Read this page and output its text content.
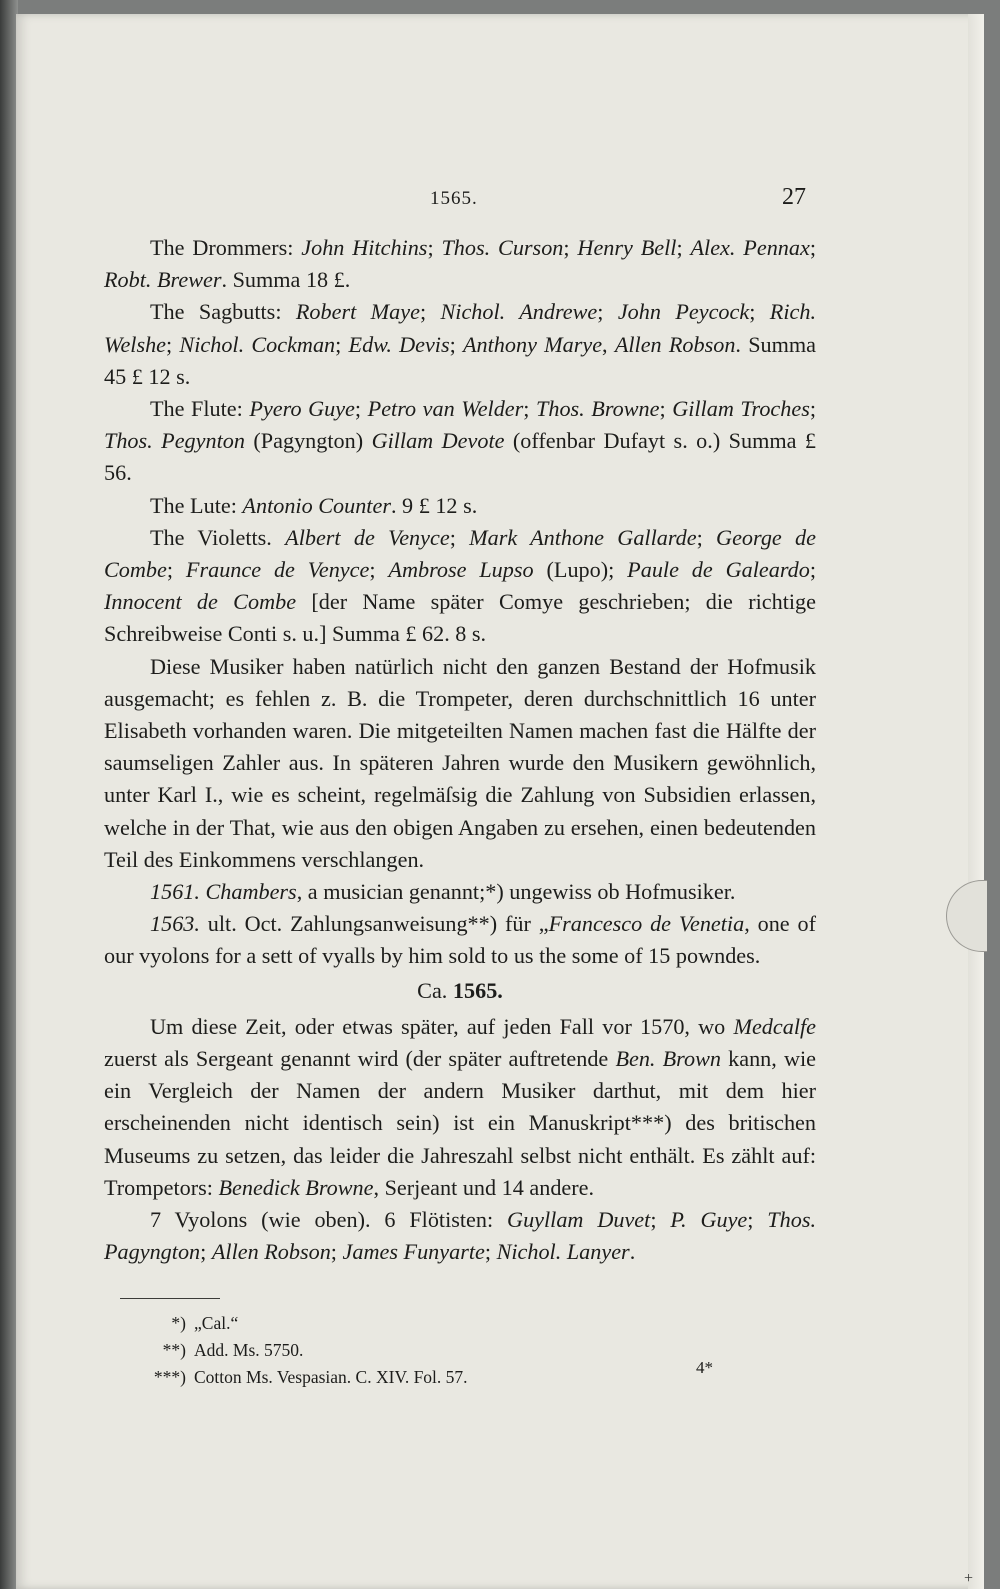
1565.	27

The Drommers: John Hitchins; Thos. Curson; Henry Bell; Alex. Pennax; Robt. Brewer. Summa 18 £.

The Sagbutts: Robert Maye; Nichol. Andrewe; John Peycock; Rich. Welshe; Nichol. Cockman; Edw. Devis; Anthony Marye, Allen Robson. Summa 45 £ 12 s.

The Flute: Pyero Guye; Petro van Welder; Thos. Browne; Gillam Troches; Thos. Pegynton (Pagyngton) Gillam Devote (offenbar Dufayt s. o.) Summa £ 56.

The Lute: Antonio Counter. 9 £ 12 s.

The Violetts. Albert de Venyce; Mark Anthone Gallarde; George de Combe; Fraunce de Venyce; Ambrose Lupso (Lupo); Paule de Galeardo; Innocent de Combe [der Name später Comye geschrieben; die richtige Schreibweise Conti s. u.] Summa £ 62. 8 s.

Diese Musiker haben natürlich nicht den ganzen Bestand der Hofmusik ausgemacht; es fehlen z. B. die Trompeter, deren durchschnittlich 16 unter Elisabeth vorhanden waren. Die mitgeteilten Namen machen fast die Hälfte der saumseligen Zahler aus. In späteren Jahren wurde den Musikern gewöhnlich, unter Karl I., wie es scheint, regelmäſsig die Zahlung von Subsidien erlassen, welche in der That, wie aus den obigen Angaben zu ersehen, einen bedeutenden Teil des Einkommens verschlangen.

1561. Chambers, a musician genannt;*) ungewiss ob Hofmusiker.

1563. ult. Oct. Zahlungsanweisung**) für „Francesco de Venetia, one of our vyolons for a sett of vyalls by him sold to us the some of 15 powndes.

Ca. 1565.

Um diese Zeit, oder etwas später, auf jeden Fall vor 1570, wo Medcalfe zuerst als Sergeant genannt wird (der später auftretende Ben. Brown kann, wie ein Vergleich der Namen der andern Musiker darthut, mit dem hier erscheinenden nicht identisch sein) ist ein Manuskript***) des britischen Museums zu setzen, das leider die Jahreszahl selbst nicht enthält. Es zählt auf: Trompetors: Benedick Browne, Serjeant und 14 andere.

7 Vyolons (wie oben). 6 Flötisten: Guyllam Duvet; P. Guye; Thos. Pagyngton; Allen Robson; James Funyarte; Nichol. Lanyer.

*) „Cal.“
**) Add. Ms. 5750.
***) Cotton Ms. Vespasian. C. XIV. Fol. 57.	4*
+
